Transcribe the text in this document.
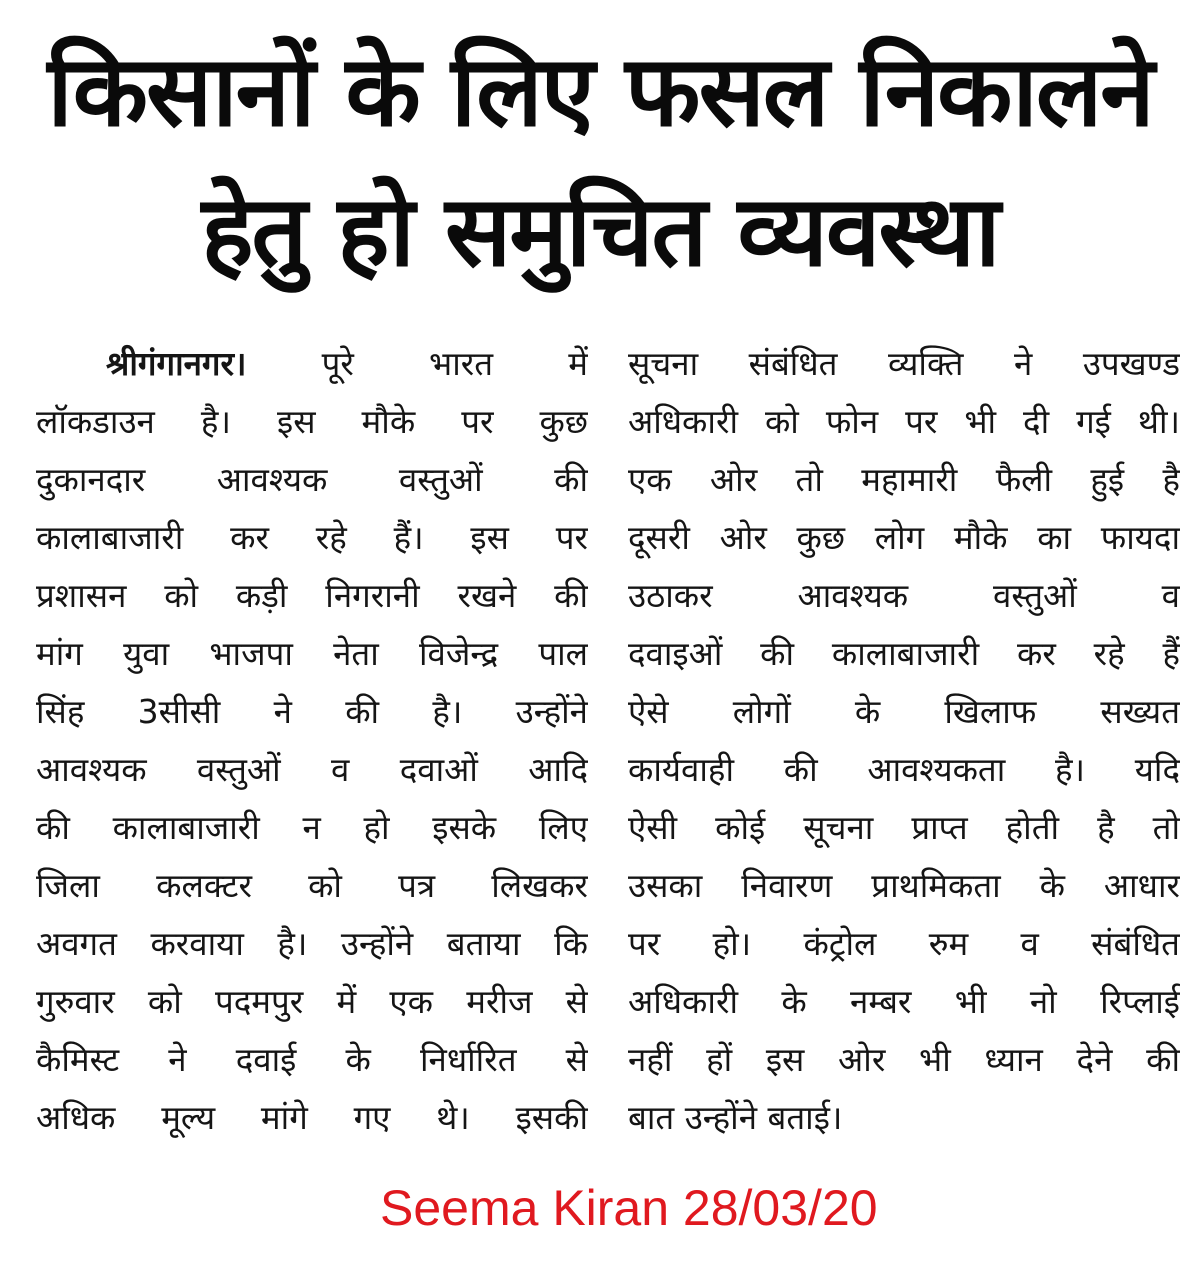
किसानों के लिए फसल निकालने
हेतु हो समुचित व्यवस्था
श्रीगंगानगर। पूरे भारत में
लॉकडाउन है। इस मौके पर कुछ
दुकानदार आवश्यक वस्तुओं की
कालाबाजारी कर रहे हैं। इस पर
प्रशासन को कड़ी निगरानी रखने की
मांग युवा भाजपा नेता विजेन्द्र पाल
सिंह 3सीसी ने की है। उन्होंने
आवश्यक वस्तुओं व दवाओं आदि
की कालाबाजारी न हो इसके लिए
जिला कलक्टर को पत्र लिखकर
अवगत करवाया है। उन्होंने बताया कि
गुरुवार को पदमपुर में एक मरीज से
कैमिस्ट ने दवाई के निर्धारित से
अधिक मूल्य मांगे गए थे। इसकी
सूचना संबंधित व्यक्ति ने उपखण्ड
अधिकारी को फोन पर भी दी गई थी।
एक ओर तो महामारी फैली हुई है
दूसरी ओर कुछ लोग मौके का फायदा
उठाकर आवश्यक वस्तुओं व
दवाइओं की कालाबाजारी कर रहे हैं
ऐसे लोगों के खिलाफ सख्यत
कार्यवाही की आवश्यकता है। यदि
ऐसी कोई सूचना प्राप्त होती है तो
उसका निवारण प्राथमिकता के आधार
पर हो। कंट्रोल रुम व संबंधित
अधिकारी के नम्बर भी नो रिप्लाई
नहीं हों इस ओर भी ध्यान देने की
बात उन्होंने बताई।
Seema Kiran 28/03/20
